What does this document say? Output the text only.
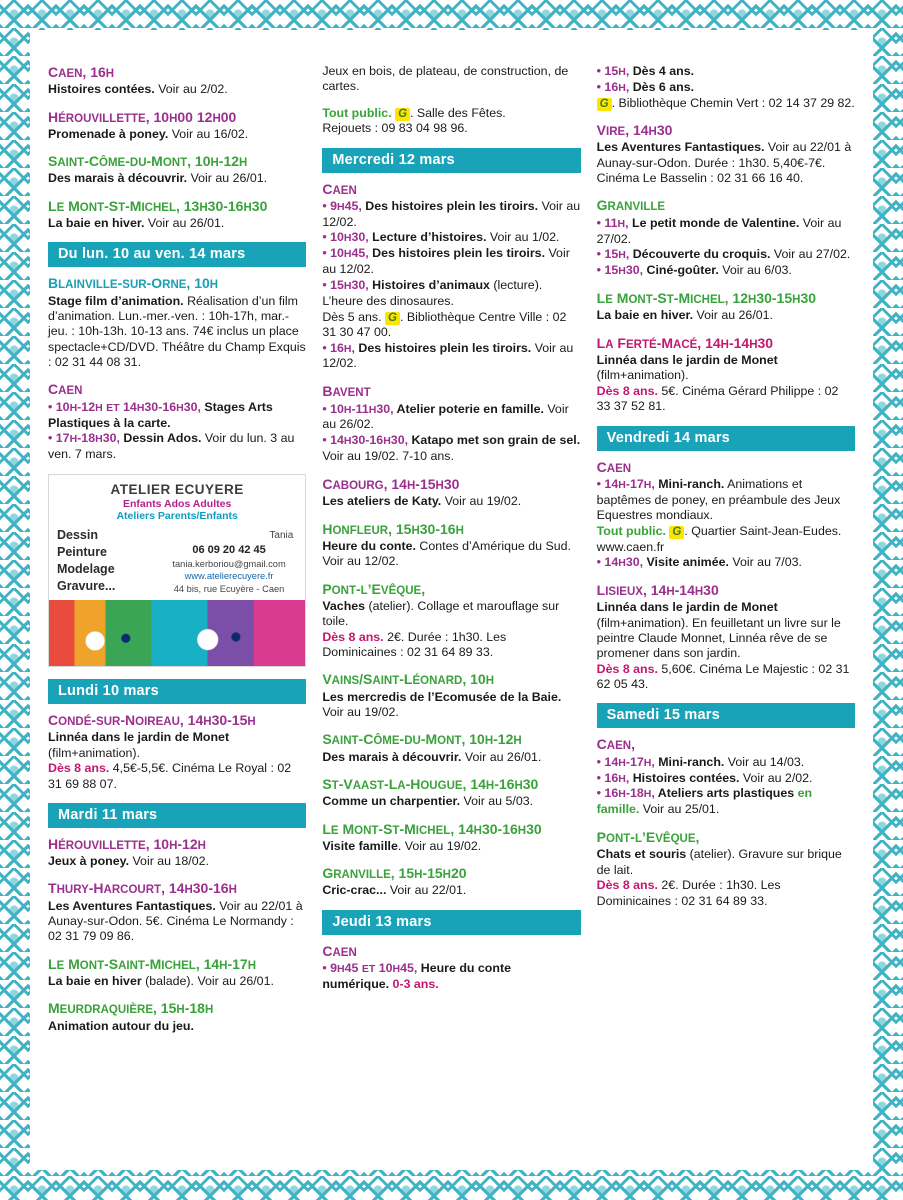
CAEN, 16H
Histoires contées. Voir au 2/02.
HÉROUVILLETTE, 10H00 12H00
Promenade à poney. Voir au 16/02.
SAINT-CÔME-DU-MONT, 10H-12H
Des marais à découvrir. Voir au 26/01.
LE MONT-ST-MICHEL, 13H30-16H30
La baie en hiver. Voir au 26/01.
Du lun. 10 au ven. 14 mars
BLAINVILLE-SUR-ORNE, 10H
Stage film d’animation. Réalisation d’un film d’animation. Lun.-mer.-ven. : 10h-17h, mar.-jeu. : 10h-13h. 10-13 ans. 74€ inclus un place spectacle+CD/DVD. Théâtre du Champ Exquis : 02 31 44 08 31.
CAEN
• 10H-12H ET 14H30-16H30, Stages Arts Plastiques à la carte.
• 17H-18H30, Dessin Ados. Voir du lun. 3 au ven. 7 mars.
ATELIER ECUYERE
Enfants Ados Adultes
Ateliers Parents/Enfants
Dessin
Peinture
Modelage
Gravure...
Tania
06 09 20 42 45
tania.kerboriou@gmail.com
www.atelierecuyere.fr
44 bis, rue Ecuyère - Caen
Lundi 10 mars
CONDÉ-SUR-NOIREAU, 14H30-15H
Linnéa dans le jardin de Monet (film+animation).
Dès 8 ans. 4,5€-5,5€. Cinéma Le Royal : 02 31 69 88 07.
Mardi 11 mars
HÉROUVILLETTE, 10H-12H
Jeux à poney. Voir au 18/02.
THURY-HARCOURT, 14H30-16H
Les Aventures Fantastiques. Voir au 22/01 à Aunay-sur-Odon. 5€. Cinéma Le Normandy : 02 31 79 09 86.
LE MONT-SAINT-MICHEL, 14H-17H
La baie en hiver (balade). Voir au 26/01.
MEURDRAQUIÈRE, 15H-18H
Animation autour du jeu.
Jeux en bois, de plateau, de construction, de cartes.
Tout public. G . Salle des Fêtes.
Rejouets : 09 83 04 98 96.
Mercredi 12 mars
CAEN
• 9H45, Des histoires plein les tiroirs. Voir au 12/02.
• 10H30, Lecture d’histoires. Voir au 1/02.
• 10H45, Des histoires plein les tiroirs. Voir au 12/02.
• 15H30, Histoires d’animaux (lecture). L’heure des dinosaures.
Dès 5 ans. G . Bibliothèque Centre Ville : 02 31 30 47 00.
• 16H, Des histoires plein les tiroirs. Voir au 12/02.
BAVENT
• 10H-11H30, Atelier poterie en famille. Voir au 26/02.
• 14H30-16H30, Katapo met son grain de sel. Voir au 19/02. 7-10 ans.
CABOURG, 14H-15H30
Les ateliers de Katy. Voir au 19/02.
HONFLEUR, 15H30-16H
Heure du conte. Contes d’Amérique du Sud. Voir au 12/02.
PONT-L’EVÊQUE,
Vaches (atelier). Collage et marouflage sur toile.
Dès 8 ans. 2€. Durée : 1h30. Les Dominicaines : 02 31 64 89 33.
VAINS/SAINT-LÉONARD, 10H
Les mercredis de l’Ecomusée de la Baie. Voir au 19/02.
SAINT-CÔME-DU-MONT, 10H-12H
Des marais à découvrir. Voir au 26/01.
ST-VAAST-LA-HOUGUE, 14H-16H30
Comme un charpentier. Voir au 5/03.
LE MONT-ST-MICHEL, 14H30-16H30
Visite famille. Voir au 19/02.
GRANVILLE, 15H-15H20
Cric-crac... Voir au 22/01.
Jeudi 13 mars
CAEN
• 9H45 ET 10H45, Heure du conte numérique. 0-3 ans.
• 15H, Dès 4 ans.
• 16H, Dès 6 ans.
G . Bibliothèque Chemin Vert : 02 14 37 29 82.
VIRE, 14H30
Les Aventures Fantastiques. Voir au 22/01 à Aunay-sur-Odon. Durée : 1h30. 5,40€-7€. Cinéma Le Basselin : 02 31 66 16 40.
GRANVILLE
• 11H, Le petit monde de Valentine. Voir au 27/02.
• 15H, Découverte du croquis. Voir au 27/02.
• 15H30, Ciné-goûter. Voir au 6/03.
LE MONT-ST-MICHEL, 12H30-15H30
La baie en hiver. Voir au 26/01.
LA FERTÉ-MACÉ, 14H-14H30
Linnéa dans le jardin de Monet (film+animation).
Dès 8 ans. 5€. Cinéma Gérard Philippe : 02 33 37 52 81.
Vendredi 14 mars
CAEN
• 14H-17H, Mini-ranch. Animations et baptêmes de poney, en préambule des Jeux Equestres mondiaux.
Tout public. G . Quartier Saint-Jean-Eudes. www.caen.fr
• 14H30, Visite animée. Voir au 7/03.
LISIEUX, 14H-14H30
Linnéa dans le jardin de Monet (film+animation). En feuilletant un livre sur le peintre Claude Monnet, Linnéa rêve de se promener dans son jardin.
Dès 8 ans. 5,60€. Cinéma Le Majestic : 02 31 62 05 43.
Samedi 15 mars
CAEN,
• 14H-17H, Mini-ranch. Voir au 14/03.
• 16H, Histoires contées. Voir au 2/02.
• 16H-18H, Ateliers arts plastiques en famille. Voir au 25/01.
PONT-L’EVÊQUE,
Chats et souris (atelier). Gravure sur brique de lait.
Dès 8 ans. 2€. Durée : 1h30. Les Dominicaines : 02 31 64 89 33.
